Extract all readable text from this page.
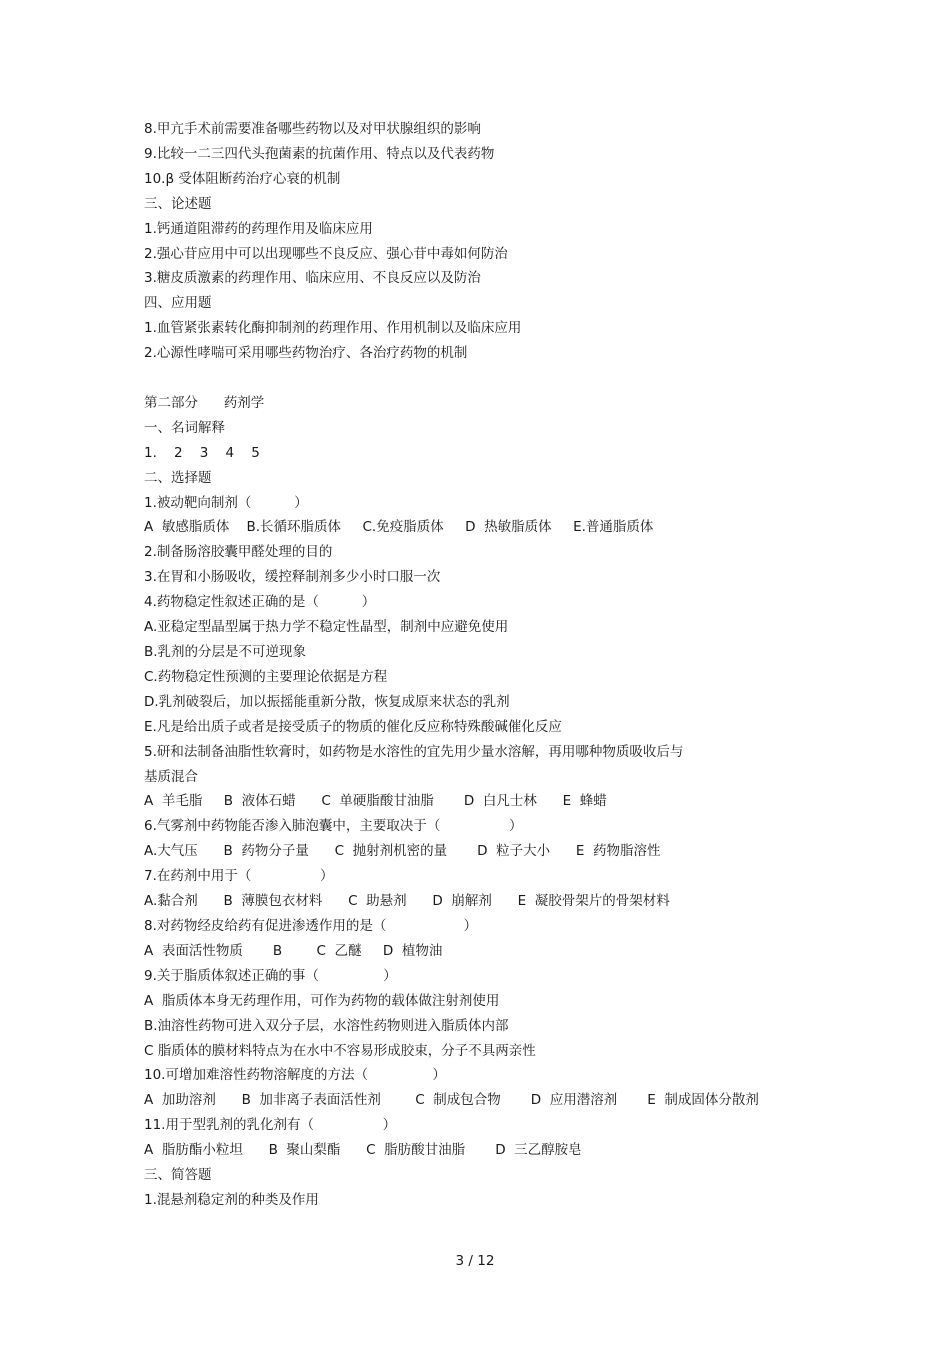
8.甲亢手术前需要准备哪些药物以及对甲状腺组织的影响
9.比较一二三四代头孢菌素的抗菌作用、特点以及代表药物
10.β 受体阻断药治疗心衰的机制
三、论述题
1.钙通道阻滞药的药理作用及临床应用
2.强心苷应用中可以出现哪些不良反应、强心苷中毒如何防治
3.糖皮质激素的药理作用、临床应用、不良反应以及防治
四、应用题
1.血管紧张素转化酶抑制剂的药理作用、作用机制以及临床应用
2.心源性哮喘可采用哪些药物治疗、各治疗药物的机制
第二部分      药剂学
一、名词解释
1.    2    3    4    5
二、选择题
1.被动靶向制剂（          ）
A  敏感脂质体    B.长循环脂质体     C.免疫脂质体     D  热敏脂质体     E.普通脂质体
2.制备肠溶胶囊甲醛处理的目的
3.在胃和小肠吸收，缓控释制剂多少小时口服一次
4.药物稳定性叙述正确的是（          ）
A.亚稳定型晶型属于热力学不稳定性晶型，制剂中应避免使用
B.乳剂的分层是不可逆现象
C.药物稳定性预测的主要理论依据是方程
D.乳剂破裂后，加以振摇能重新分散，恢复成原来状态的乳剂
E.凡是给出质子或者是接受质子的物质的催化反应称特殊酸碱催化反应
5.研和法制备油脂性软膏时，如药物是水溶性的宜先用少量水溶解，再用哪种物质吸收后与
基质混合
A  羊毛脂     B  液体石蜡      C  单硬脂酸甘油脂       D  白凡士林      E  蜂蜡
6.气雾剂中药物能否渗入肺泡囊中，主要取决于（                ）
A.大气压      B  药物分子量      C  抛射剂机密的量       D  粒子大小      E  药物脂溶性
7.在药剂中用于（                ）
A.黏合剂      B  薄膜包衣材料      C  助悬剂      D  崩解剂      E  凝胶骨架片的骨架材料
8.对药物经皮给药有促进渗透作用的是（                  ）
A  表面活性物质       B        C  乙醚     D  植物油
9.关于脂质体叙述正确的事（               ）
A  脂质体本身无药理作用，可作为药物的载体做注射剂使用
B.油溶性药物可进入双分子层，水溶性药物则进入脂质体内部
C 脂质体的膜材料特点为在水中不容易形成胶束，分子不具两亲性
10.可增加难溶性药物溶解度的方法（               ）
A  加助溶剂      B  加非离子表面活性剂        C  制成包合物       D  应用潜溶剂       E  制成固体分散剂
11.用于型乳剂的乳化剂有（                ）
A  脂肪酯小粒坦      B  聚山梨酯      C  脂肪酸甘油脂       D  三乙醇胺皂
三、简答题
1.混悬剂稳定剂的种类及作用
3 / 12
